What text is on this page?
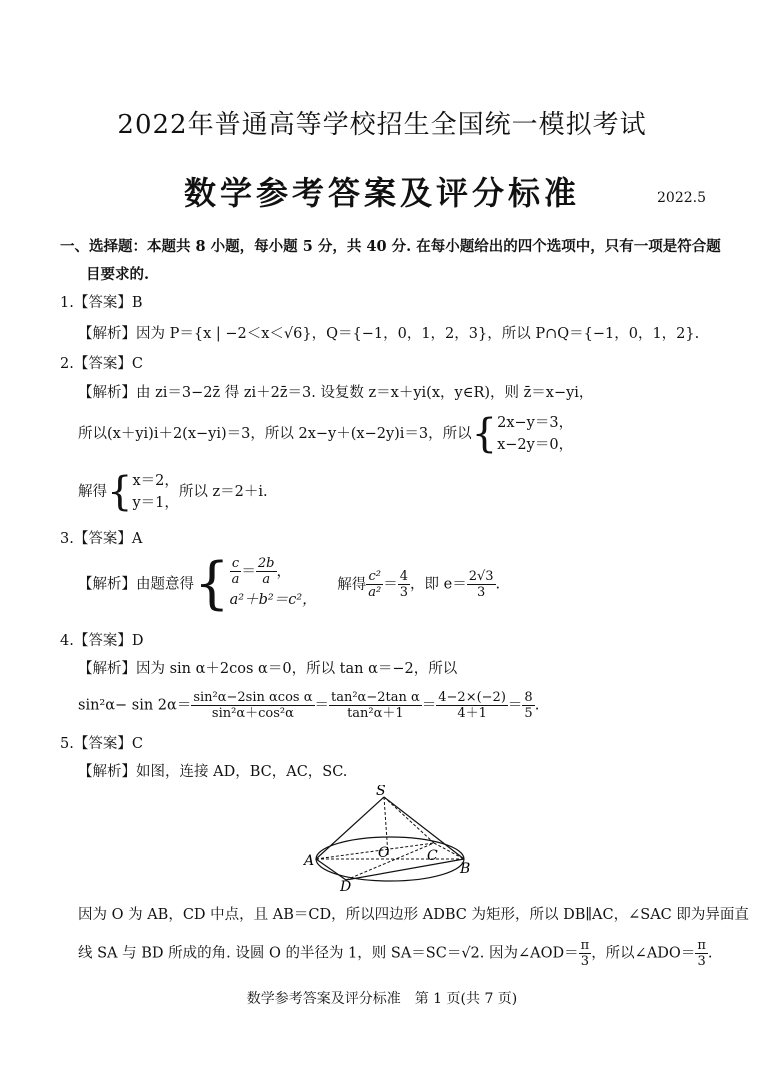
2022年普通高等学校招生全国统一模拟考试
数学参考答案及评分标准	2022.5
一、选择题：本题共 8 小题，每小题 5 分，共 40 分. 在每小题给出的四个选项中，只有一项是符合题
目要求的.
1.【答案】B
【解析】因为 P＝{x | −2＜x＜√6}，Q＝{−1，0，1，2，3}，所以 P∩Q＝{−1，0，1，2}.
2.【答案】C
【解析】由 zi＝3−2z̄ 得 zi＋2z̄＝3. 设复数 z＝x＋yi(x，y∈R)，则 z̄＝x−yi，
所以(x＋yi)i＋2(x−yi)＝3，所以 2x−y＋(x−2y)i＝3，所以{2x−y＝3，
x−2y＝0，
解得{x＝2，
y＝1，所以 z＝2＋i.
3.【答案】A
【解析】由题意得{ $\frac{c}{a} = \frac{2b}{a}$ ，
a²＋b²＝c²， 解得 $\frac{\text{c²}}{\text{a²}} = \frac{4}{3}$ ，即 $e= \frac{2√3}{3}$ .
4.【答案】D
【解析】因为 sin α＋2cos α＝0，所以 tan α＝−2，所以
$\sin^2\alpha- \sin 2\alpha= \frac{\text{sin²α−2sin αcos α}}{\text{sin²α＋cos²α}} = \frac{\text{tan²α−2tan α}}{\text{tan²α＋1}} = \frac{4-2\times(-2)}{4+1} = \frac{8}{5}$ .
5.【答案】C
【解析】如图，连接 AD，BC，AC，SC.
S
O	C
A	B
D
因为 O 为 AB，CD 中点，且 AB＝CD，所以四边形 ADBC 为矩形，所以 DB∥AC，∠SAC 即为异面直
线 SA 与 BD 所成的角. 设圆 O 的半径为 1，则 SA＝SC＝√2. 因为∠AOD＝ $\frac{\pi}{3}$ ，所以∠ADO＝ $\frac{\pi}{3}$ .
数学参考答案及评分标准　第 1 页(共 7 页)
